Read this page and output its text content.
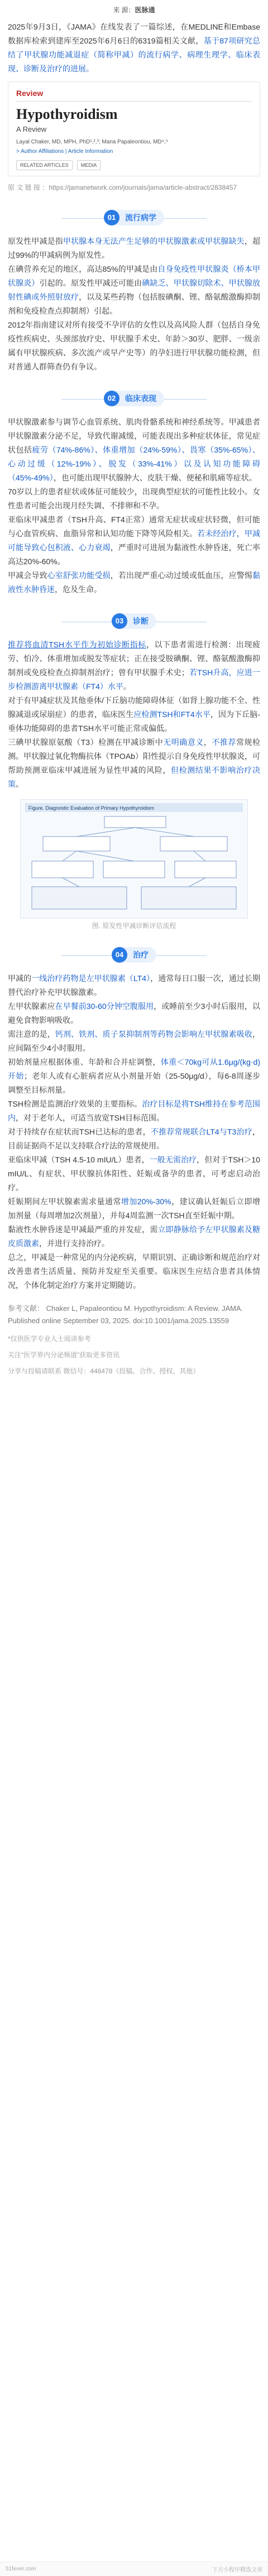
来 源：医脉通

2025年9月3日，《JAMA》在线发表了一篇综述，在MEDLINE和Embase数据库检索到建库至2025年6月6日的6319篇相关文献，基于87项研究总结了甲状腺功能减退症（简称甲减）的流行病学、病理生理学、临床表现、诊断及治疗的进展。

Review
Hypothyroidism
A Review
Layal Chaker, MD, MPH, PhD¹,²,³; Maria Papaleontiou, MD⁴,⁵
> Author Affiliations | Article Information
RELATED ARTICLES	MEDIA
原 文 链 接 ：https://jamanetwork.com/journals/jama/article-abstract/2838457
01	流行病学

原发性甲减是指甲状腺本身无法产生足够的甲状腺激素或甲状腺缺失，超过99%的甲减病例为原发性。

在碘营养充足的地区，高达85%的甲减是由自身免疫性甲状腺炎（桥本甲状腺炎）引起的。原发性甲减还可能由碘缺乏、甲状腺切除术、甲状腺放射性碘或外照射放疗，以及某些药物（包括胺碘酮、锂、酪氨酸激酶抑制剂和免疫检查点抑制剂）引起。

2012年指南建议对所有接受不孕评估的女性以及高风险人群（包括自身免疫性疾病史、头颈部放疗史、甲状腺手术史、年龄＞30岁、肥胖、一级亲属有甲状腺疾病、多次流产或早产史等）的孕妇进行甲状腺功能检测，但对普通人群筛查仍有争议。

02	临床表现

甲状腺激素参与调节心血管系统、肌肉骨骼系统和神经系统等。甲减患者甲状腺激素分泌不足，导致代谢减缓，可能表现出多种症状体征，常见症状包括疲劳（74%-86%）、体重增加（24%-59%）、畏寒（35%-65%）、心动过缓（12%-19%）、脱发（33%-41%）以及认知功能障碍（45%-49%），也可能出现甲状腺肿大、皮肤干燥、便秘和肌痛等症状。

70岁以上的患者症状或体征可能较少，出现典型症状的可能性比较小。女性患者可能会出现月经失调、不排卵和不孕。

亚临床甲减患者（TSH升高、FT4正常）通常无症状或症状轻微，但可能与心血管疾病、血脂异常和认知功能下降等风险相关。若未经治疗，甲减可能导致心包积液、心力衰竭，严重时可进展为黏液性水肿昏迷，死亡率高达20%-60%。

甲减会导致心室舒张功能受损，若出现严重心动过缓或低血压，应警惕黏液性水肿昏迷，危及生命。

03	诊断

推荐将血清TSH水平作为初始诊断指标，以下患者需进行检测：出现疲劳、怕冷、体重增加或脱发等症状；正在接受胺碘酮、锂、酪氨酸激酶抑制剂或免疫检查点抑制剂治疗；曾有甲状腺手术史；若TSH升高，应进一步检测游离甲状腺素（FT4）水平。

对于有甲减症状及其他垂体/下丘脑功能障碍体征（如肾上腺功能不全、性腺减退或尿崩症）的患者，临床医生应检测TSH和FT4水平，因为下丘脑-垂体功能障碍的患者TSH水平可能正常或偏低。

三碘甲状腺原氨酸（T3）检测在甲减诊断中无明确意义，不推荐常规检测。甲状腺过氧化物酶抗体（TPOAb）阳性提示自身免疫性甲状腺炎，可帮助预测亚临床甲减进展为显性甲减的风险，但检测结果不影响治疗决策。

Figure. Diagnostic Evaluation of Primary Hypothyroidism
图. 原发性甲减诊断评估流程
04	治疗

甲减的一线治疗药物是左甲状腺素（LT4），通常每日口服一次，通过长期替代治疗补充甲状腺激素。

左甲状腺素应在早餐前30-60分钟空腹服用，或睡前至少3小时后服用，以避免食物影响吸收。

需注意的是，钙剂、铁剂、质子泵抑制剂等药物会影响左甲状腺素吸收，应间隔至少4小时服用。

初始剂量应根据体重、年龄和合并症调整，体重＜70kg可从1.6μg/(kg·d)开始；老年人或有心脏病者应从小剂量开始（25-50μg/d），每6-8周逐步调整至目标剂量。

TSH检测是监测治疗效果的主要指标。治疗目标是将TSH维持在参考范围内，对于老年人，可适当放宽TSH目标范围。

对于持续存在症状而TSH已达标的患者，不推荐常规联合LT4与T3治疗，目前证据尚不足以支持联合疗法的常规使用。

亚临床甲减（TSH 4.5-10 mIU/L）患者，一般无需治疗，但对于TSH＞10 mIU/L、有症状、甲状腺抗体阳性、妊娠或备孕的患者，可考虑启动治疗。

妊娠期间左甲状腺素需求量通常增加20%-30%，建议确认妊娠后立即增加剂量（每周增加2次剂量），并每4周监测一次TSH直至妊娠中期。

黏液性水肿昏迷是甲减最严重的并发症，需立即静脉给予左甲状腺素及糖皮质激素，并进行支持治疗。

总之，甲减是一种常见的内分泌疾病，早期识别、正确诊断和规范治疗对改善患者生活质量、预防并发症至关重要。临床医生应结合患者具体情况，个体化制定治疗方案并定期随访。

参考文献： Chaker L, Papaleontiou M. Hypothyroidism: A Review. JAMA. Published online September 03, 2025. doi:10.1001/jama.2025.13559
*仅供医学专业人士阅读参考
关注“医学界内分泌频道”获取更多资讯
分享与投稿请联系 微信号：448478（投稿、合作、授权、其他）
51fever.com	下方小程序精选文章
